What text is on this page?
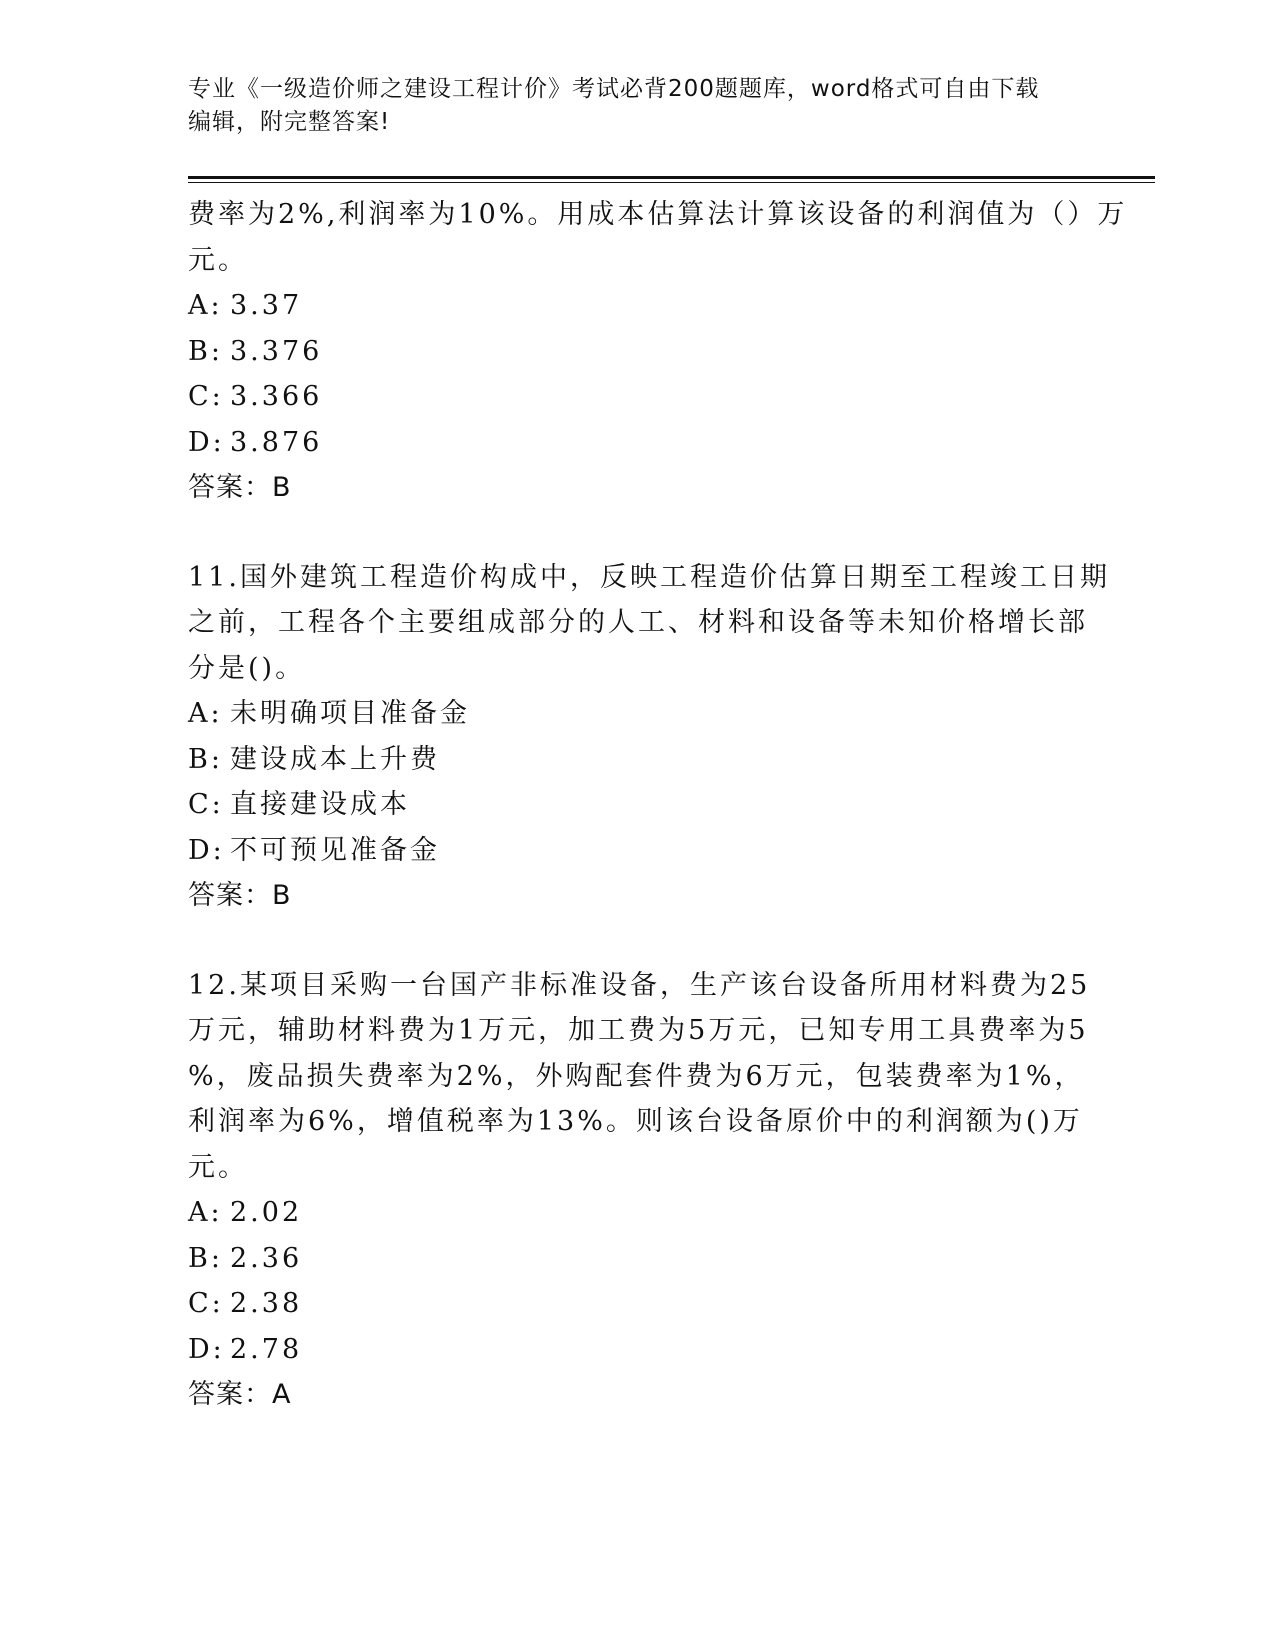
专业《一级造价师之建设工程计价》考试必背200题题库，word格式可自由下载
编辑，附完整答案!
费率为2%,利润率为10%。用成本估算法计算该设备的利润值为（）万
元。
A: 3.37
B: 3.376
C: 3.366
D: 3.876
答案：B
11.国外建筑工程造价构成中，反映工程造价估算日期至工程竣工日期
之前，工程各个主要组成部分的人工、材料和设备等未知价格增长部
分是()。
A: 未明确项目准备金
B: 建设成本上升费
C: 直接建设成本
D: 不可预见准备金
答案：B
12.某项目采购一台国产非标准设备，生产该台设备所用材料费为25
万元，辅助材料费为1万元，加工费为5万元，已知专用工具费率为5
%，废品损失费率为2%，外购配套件费为6万元，包装费率为1%，
利润率为6%，增值税率为13%。则该台设备原价中的利润额为()万
元。
A: 2.02
B: 2.36
C: 2.38
D: 2.78
答案：A
